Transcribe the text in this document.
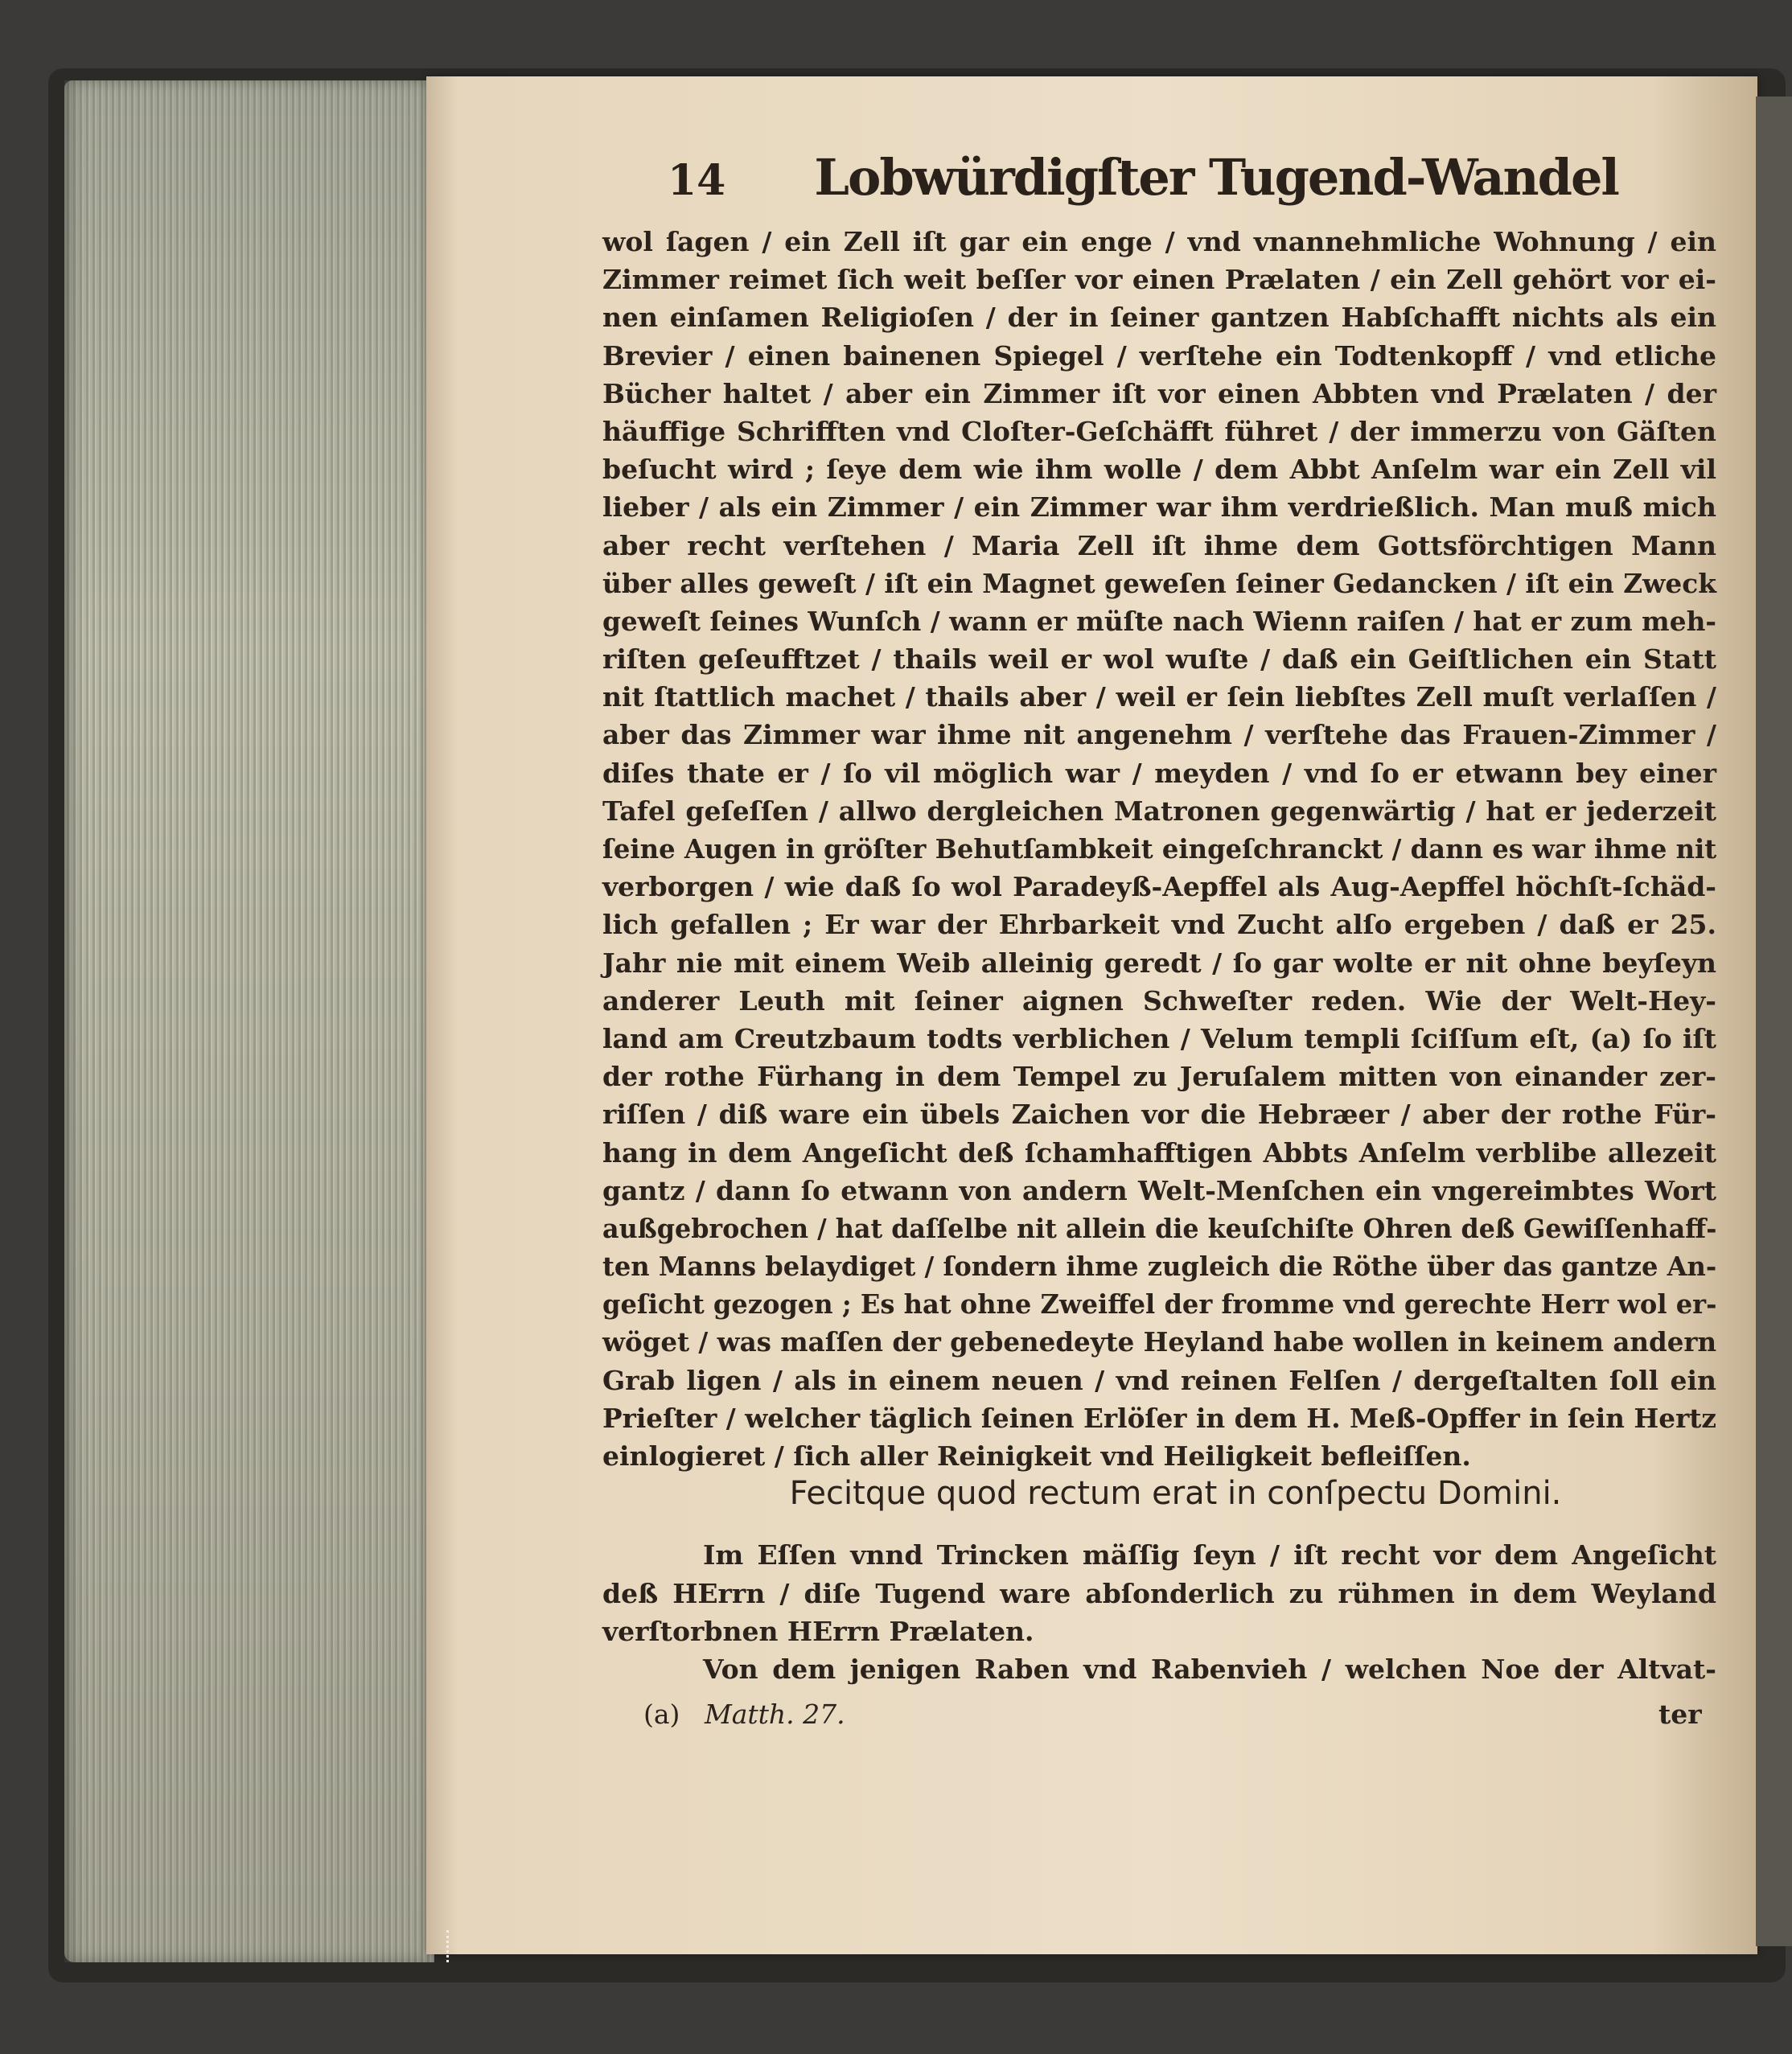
14 Lobwürdigſter Tugend-Wandel
wol ſagen / ein Zell iſt gar ein enge / vnd vnannehmliche Wohnung / ein
Zimmer reimet ſich weit beſſer vor einen Prælaten / ein Zell gehört vor ei-
nen einſamen Religioſen / der in ſeiner gantzen Habſchafft nichts als ein
Brevier / einen bainenen Spiegel / verſtehe ein Todtenkopff / vnd etliche
Bücher haltet / aber ein Zimmer iſt vor einen Abbten vnd Prælaten / der
häuffige Schrifften vnd Cloſter-Geſchäfft führet / der immerzu von Gäſten
beſucht wird ; ſeye dem wie ihm wolle / dem Abbt Anſelm war ein Zell vil
lieber / als ein Zimmer / ein Zimmer war ihm verdrießlich. Man muß mich
aber recht verſtehen / Maria Zell iſt ihme dem Gottsförchtigen Mann
über alles geweſt / iſt ein Magnet geweſen ſeiner Gedancken / iſt ein Zweck
geweſt ſeines Wunſch / wann er müſte nach Wienn raiſen / hat er zum meh-
riſten geſeufftzet / thails weil er wol wuſte / daß ein Geiſtlichen ein Statt
nit ſtattlich machet / thails aber / weil er ſein liebſtes Zell muſt verlaſſen /
aber das Zimmer war ihme nit angenehm / verſtehe das Frauen-Zimmer /
diſes thate er / ſo vil möglich war / meyden / vnd ſo er etwann bey einer
Tafel geſeſſen / allwo dergleichen Matronen gegenwärtig / hat er jederzeit
ſeine Augen in gröſter Behutſambkeit eingeſchranckt / dann es war ihme nit
verborgen / wie daß ſo wol Paradeyß-Aepffel als Aug-Aepffel höchſt-ſchäd-
lich gefallen ; Er war der Ehrbarkeit vnd Zucht alſo ergeben / daß er 25.
Jahr nie mit einem Weib alleinig geredt / ſo gar wolte er nit ohne beyſeyn
anderer Leuth mit ſeiner aignen Schweſter reden. Wie der Welt-Hey-
land am Creutzbaum todts verblichen / Velum templi ſciſſum eſt, (a) ſo iſt
der rothe Fürhang in dem Tempel zu Jeruſalem mitten von einander zer-
riſſen / diß ware ein übels Zaichen vor die Hebræer / aber der rothe Für-
hang in dem Angeſicht deß ſchamhafftigen Abbts Anſelm verblibe allezeit
gantz / dann ſo etwann von andern Welt-Menſchen ein vngereimbtes Wort
außgebrochen / hat daſſelbe nit allein die keuſchiſte Ohren deß Gewiſſenhaff-
ten Manns belaydiget / ſondern ihme zugleich die Röthe über das gantze An-
geſicht gezogen ; Es hat ohne Zweiffel der fromme vnd gerechte Herr wol er-
wöget / was maſſen der gebenedeyte Heyland habe wollen in keinem andern
Grab ligen / als in einem neuen / vnd reinen Felſen / dergeſtalten ſoll ein
Prieſter / welcher täglich ſeinen Erlöſer in dem H. Meß-Opffer in ſein Hertz
einlogieret / ſich aller Reinigkeit vnd Heiligkeit befleiſſen.
Fecitque quod rectum erat in conſpectu Domini.
Im Eſſen vnnd Trincken mäſſig ſeyn / iſt recht vor dem Angeſicht
deß HErrn / diſe Tugend ware abſonderlich zu rühmen in dem Weyland
verſtorbnen HErrn Prælaten.
Von dem jenigen Raben vnd Rabenvieh / welchen Noe der Altvat-
(a) Matth. 27.	ter
